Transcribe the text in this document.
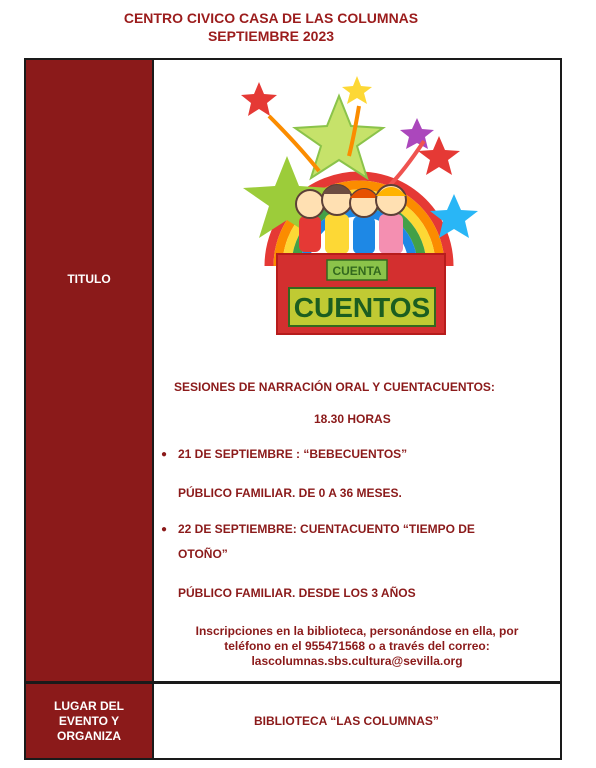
CENTRO CIVICO CASA DE LAS COLUMNAS
SEPTIEMBRE 2023
TITULO
CUENTA
CUENTOS
SESIONES DE NARRACIÓN ORAL Y CUENTACUENTOS:
18.30 HORAS
● 21 DE SEPTIEMBRE : “BEBECUENTOS”
PÚBLICO FAMILIAR. DE 0 A 36 MESES.
● 22 DE SEPTIEMBRE: CUENTACUENTO “TIEMPO DE
OTOÑO”
PÚBLICO FAMILIAR. DESDE LOS 3 AÑOS
Inscripciones en la biblioteca, personándose en ella, por
teléfono en el 955471568 o a través del correo:
lascolumnas.sbs.cultura@sevilla.org
LUGAR DEL
EVENTO Y
ORGANIZA
BIBLIOTECA “LAS COLUMNAS”
